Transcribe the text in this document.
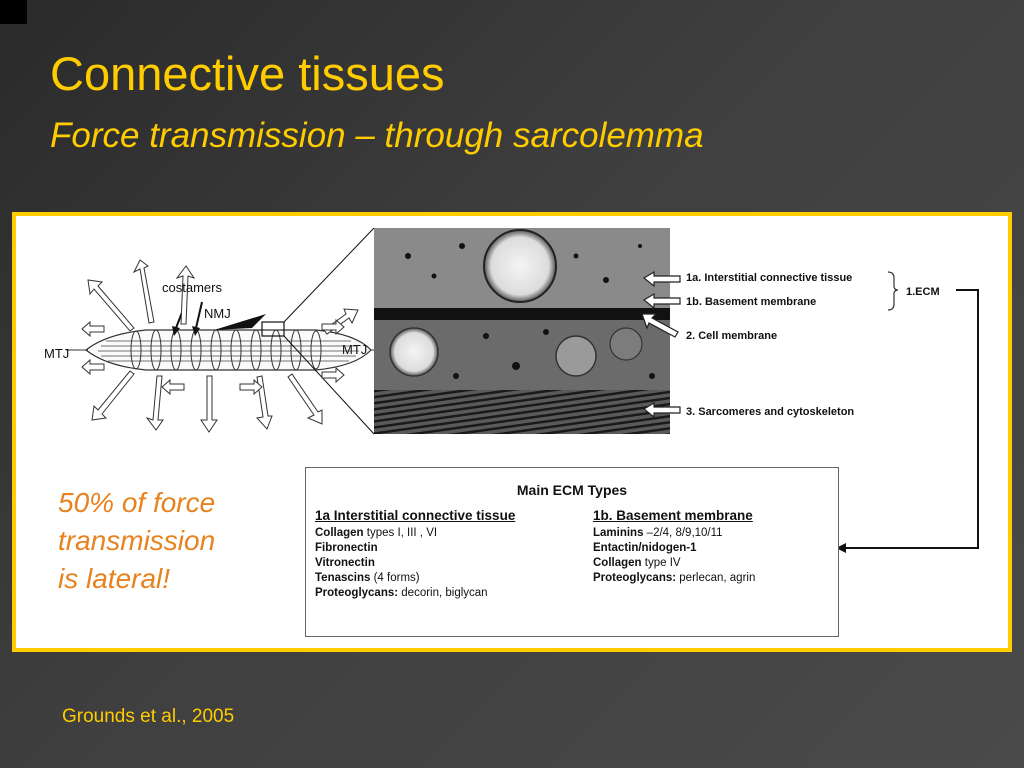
Connective tissues
Force transmission – through sarcolemma
costamers
NMJ
MTJ	MTJ
1a. Interstitial connective tissue
1b. Basement membrane
2. Cell membrane
3. Sarcomeres and cytoskeleton
1.ECM
Main ECM Types
1a Interstitial connective tissue
Collagen types I, III , VI
Fibronectin
Vitronectin
Tenascins (4 forms)
Proteoglycans: decorin, biglycan
1b. Basement membrane
Laminins –2/4, 8/9,10/11
Entactin/nidogen-1
Collagen type IV
Proteoglycans: perlecan, agrin
50% of force
transmission
is lateral!
Grounds et al., 2005
